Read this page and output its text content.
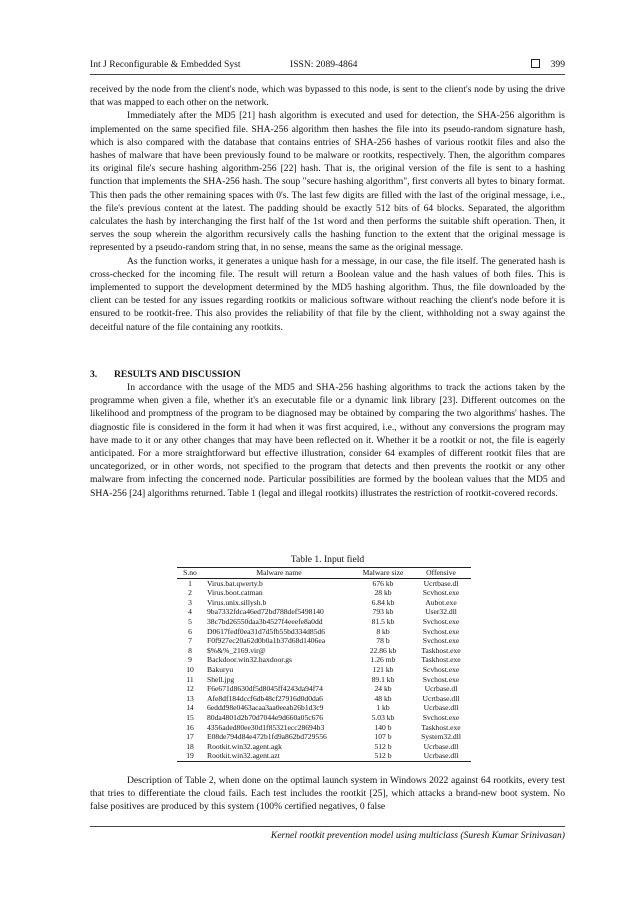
Int J Reconfigurable & Embedded Syst	ISSN: 2089-4864	399

received by the node from the client's node, which was bypassed to this node, is sent to the client's node by using the drive that was mapped to each other on the network.

Immediately after the MD5 [21] hash algorithm is executed and used for detection, the SHA-256 algorithm is implemented on the same specified file. SHA-256 algorithm then hashes the file into its pseudo-random signature hash, which is also compared with the database that contains entries of SHA-256 hashes of various rootkit files and also the hashes of malware that have been previously found to be malware or rootkits, respectively. Then, the algorithm compares its original file's secure hashing algorithm-256 [22] hash. That is, the original version of the file is sent to a hashing function that implements the SHA-256 hash. The soup "secure hashing algorithm", first converts all bytes to binary format. This then pads the other remaining spaces with 0's. The last few digits are filled with the last of the original message, i.e., the file's previous content at the latest. The padding should be exactly 512 bits of 64 blocks. Separated, the algorithm calculates the hash by interchanging the first half of the 1st word and then performs the suitable shift operation. Then, it serves the soup wherein the algorithm recursively calls the hashing function to the extent that the original message is represented by a pseudo-random string that, in no sense, means the same as the original message.

As the function works, it generates a unique hash for a message, in our case, the file itself. The generated hash is cross-checked for the incoming file. The result will return a Boolean value and the hash values of both files. This is implemented to support the development determined by the MD5 hashing algorithm. Thus, the file downloaded by the client can be tested for any issues regarding rootkits or malicious software without reaching the client's node before it is ensured to be rootkit-free. This also provides the reliability of that file by the client, withholding not a sway against the deceitful nature of the file containing any rootkits.

3. RESULTS AND DISCUSSION

In accordance with the usage of the MD5 and SHA-256 hashing algorithms to track the actions taken by the programme when given a file, whether it's an executable file or a dynamic link library [23]. Different outcomes on the likelihood and promptness of the program to be diagnosed may be obtained by comparing the two algorithms' hashes. The diagnostic file is considered in the form it had when it was first acquired, i.e., without any conversions the program may have made to it or any other changes that may have been reflected on it. Whether it be a rootkit or not, the file is eagerly anticipated. For a more straightforward but effective illustration, consider 64 examples of different rootkit files that are uncategorized, or in other words, not specified to the program that detects and then prevents the rootkit or any other malware from infecting the concerned node. Particular possibilities are formed by the boolean values that the MD5 and SHA-256 [24] algorithms returned. Table 1 (legal and illegal rootkits) illustrates the restriction of rootkit-covered records.

Table 1. Input field
S.no	Malware name	Malware size	Offensive
1	Virus.bat.qwerty.b	676 kb	Ucrtbase.dl
2	Virus.boot.catman	28 kb	Scvhost.exe
3	Virus.unix.sillysh.b	6.84 kb	Aubot.exe
4	9ba7332fdca46ed72bd788def5498140	793 kb	User32.dll
5	38c7bd26550daa3b4527f4eeefe8a0dd	81.5 kb	Svchost.exe
6	D0617fedf0ea31d7d5fb55bd334d85d6	8 kb	Svchost.exe
7	F0f927ec20a62d0b0a1b37d68d1406ea	78 b	Svchost.exe
8	$%&%_2169.vir@	22.86 kb	Taskhost.exe
9	Backdoor.win32.haxdoor.gs	1.26 mb	Taskhost.exe
10	Bakuryu	121 kb	Scvhost.exe
11	Shell.jpg	89.1 kb	Svchost.exe
12	F6e671d8630df5d8045ff4243da94f74	24 kb	Ucrbase.dl
13	Afe8df184dccf6db48cf27916d0d0da6	48 kb	Ucrtbase.dll
14	6eddd98e0463acaa3aa0eeab26b1d3c9	1 kb	Ucrbase.dll
15	80da4801d2b70d7044e9d660a05c676	5.03 kb	Svchost.exe
16	4356aded80ee30d1f85321ecc28694b3	140 b	Taskhost.exe
17	E08de794d84e472b1fd9a862bd729556	107 b	System32.dll
18	Rootkit.win32.agent.agk	512 b	Ucrbase.dll
19	Rootkit.win32.agent.azt	512 b	Ucrbase.dll

Description of Table 2, when done on the optimal launch system in Windows 2022 against 64 rootkits, every test that tries to differentiate the cloud fails. Each test includes the rootkit [25], which attacks a brand-new boot system. No false positives are produced by this system (100% certified negatives, 0 false

Kernel rootkit prevention model using multiclass (Suresh Kumar Srinivasan)
